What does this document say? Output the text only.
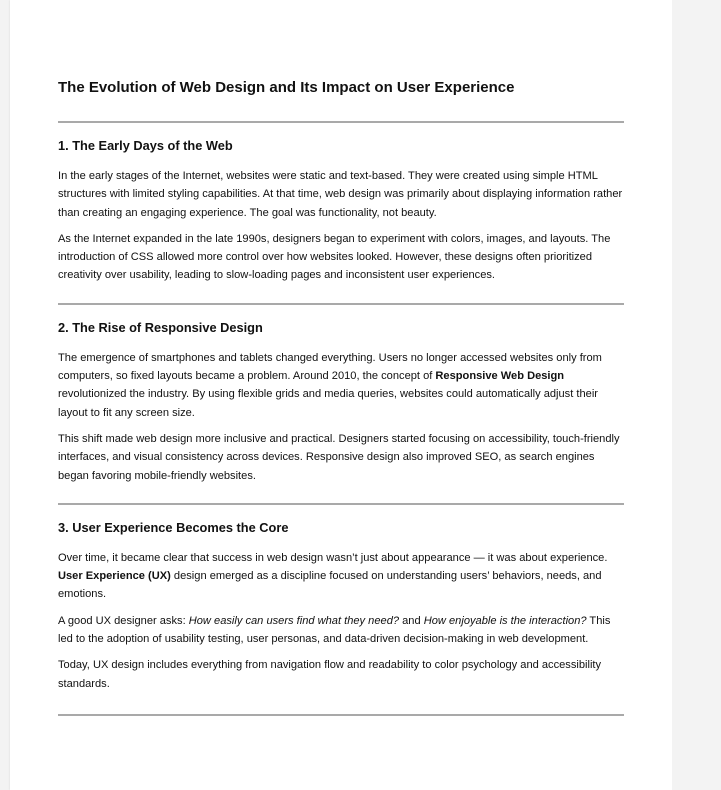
The Evolution of Web Design and Its Impact on User Experience
1. The Early Days of the Web

In the early stages of the Internet, websites were static and text-based. They were created using simple HTML structures with limited styling capabilities. At that time, web design was primarily about displaying information rather than creating an engaging experience. The goal was functionality, not beauty.

As the Internet expanded in the late 1990s, designers began to experiment with colors, images, and layouts. The introduction of CSS allowed more control over how websites looked. However, these designs often prioritized creativity over usability, leading to slow-loading pages and inconsistent user experiences.

2. The Rise of Responsive Design

The emergence of smartphones and tablets changed everything. Users no longer accessed websites only from computers, so fixed layouts became a problem. Around 2010, the concept of Responsive Web Design revolutionized the industry. By using flexible grids and media queries, websites could automatically adjust their layout to fit any screen size.

This shift made web design more inclusive and practical. Designers started focusing on accessibility, touch-friendly interfaces, and visual consistency across devices. Responsive design also improved SEO, as search engines began favoring mobile-friendly websites.

3. User Experience Becomes the Core

Over time, it became clear that success in web design wasn’t just about appearance — it was about experience. User Experience (UX) design emerged as a discipline focused on understanding users’ behaviors, needs, and emotions.

A good UX designer asks: How easily can users find what they need? and How enjoyable is the interaction? This led to the adoption of usability testing, user personas, and data-driven decision-making in web development.

Today, UX design includes everything from navigation flow and readability to color psychology and accessibility standards.
